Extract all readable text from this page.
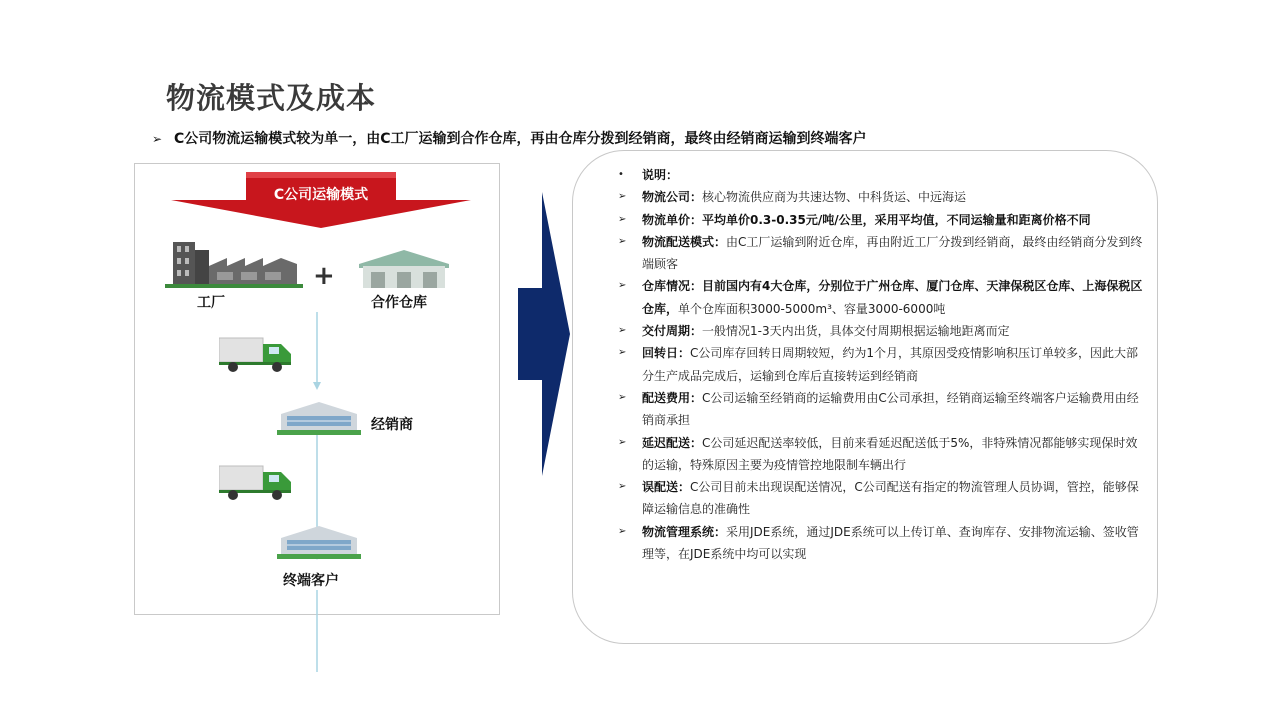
物流模式及成本
➢ C公司物流运输模式较为单一，由C工厂运输到合作仓库，再由仓库分拨到经销商，最终由经销商运输到终端客户
C公司运输模式
工厂
+
合作仓库
经销商
终端客户
• 说明：
➢ 物流公司：核心物流供应商为共速达物、中科货运、中远海运
➢ 物流单价：平均单价0.3-0.35元/吨/公里，采用平均值，不同运输量和距离价格不同
➢ 物流配送模式：由C工厂运输到附近仓库，再由附近工厂分拨到经销商，最终由经销商分发到终端顾客
➢ 仓库情况：目前国内有4大仓库，分别位于广州仓库、厦门仓库、天津保税区仓库、上海保税区仓库，单个仓库面积3000-5000m³、容量3000-6000吨
➢ 交付周期：一般情况1-3天内出货，具体交付周期根据运输地距离而定
➢ 回转日：C公司库存回转日周期较短，约为1个月，其原因受疫情影响积压订单较多，因此大部分生产成品完成后，运输到仓库后直接转运到经销商
➢ 配送费用：C公司运输至经销商的运输费用由C公司承担，经销商运输至终端客户运输费用由经销商承担
➢ 延迟配送：C公司延迟配送率较低，目前来看延迟配送低于5%，非特殊情况都能够实现保时效的运输，特殊原因主要为疫情管控地限制车辆出行
➢ 误配送：C公司目前未出现误配送情况，C公司配送有指定的物流管理人员协调，管控，能够保障运输信息的准确性
➢ 物流管理系统：采用JDE系统，通过JDE系统可以上传订单、查询库存、安排物流运输、签收管理等，在JDE系统中均可以实现
